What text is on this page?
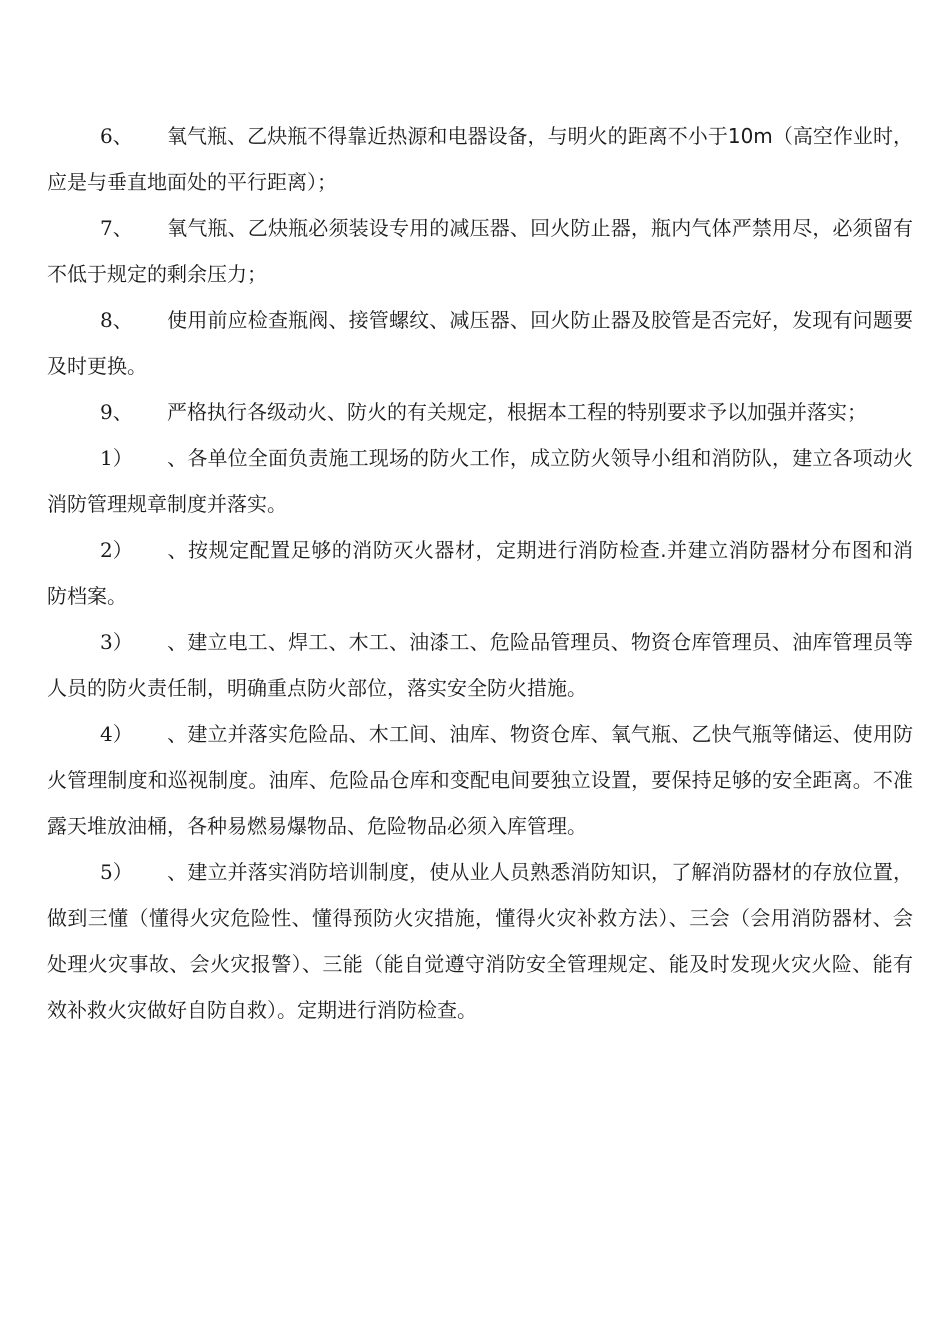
6、 氧气瓶、乙炔瓶不得靠近热源和电器设备，与明火的距离不小于10m（高空作业时，应是与垂直地面处的平行距离）；

7、 氧气瓶、乙炔瓶必须装设专用的减压器、回火防止器，瓶内气体严禁用尽，必须留有不低于规定的剩余压力；

8、 使用前应检查瓶阀、接管螺纹、减压器、回火防止器及胶管是否完好，发现有问题要及时更换。

9、 严格执行各级动火、防火的有关规定，根据本工程的特别要求予以加强并落实；

1） 、各单位全面负责施工现场的防火工作，成立防火领导小组和消防队，建立各项动火消防管理规章制度并落实。

2） 、按规定配置足够的消防灭火器材，定期进行消防检查.并建立消防器材分布图和消防档案。

3） 、建立电工、焊工、木工、油漆工、危险品管理员、物资仓库管理员、油库管理员等人员的防火责任制，明确重点防火部位，落实安全防火措施。

4） 、建立并落实危险品、木工间、油库、物资仓库、氧气瓶、乙快气瓶等储运、使用防火管理制度和巡视制度。油库、危险品仓库和变配电间要独立设置，要保持足够的安全距离。不准露天堆放油桶，各种易燃易爆物品、危险物品必须入库管理。

5） 、建立并落实消防培训制度，使从业人员熟悉消防知识，了解消防器材的存放位置，做到三懂（懂得火灾危险性、懂得预防火灾措施，懂得火灾补救方法）、三会（会用消防器材、会处理火灾事故、会火灾报警）、三能（能自觉遵守消防安全管理规定、能及时发现火灾火险、能有效补救火灾做好自防自救）。定期进行消防检查。
